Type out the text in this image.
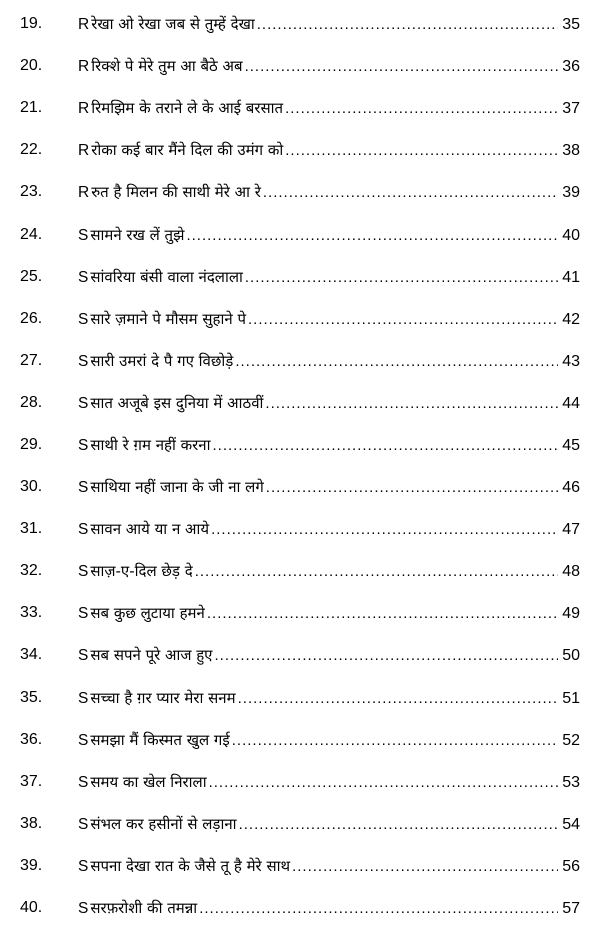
19.	R रेखा ओ रेखा जब से तुम्हें देखा .....	35
20.	R रिक्शे पे मेरे तुम आ बैठे अब .....	36
21.	R रिमझिम के तराने ले के आई बरसात .....	37
22.	R रोका कई बार मैंने दिल की उमंग को .....	38
23.	R रुत है मिलन की साथी मेरे आ रे .....	39
24.	S सामने रख लें तुझे .....	40
25.	S सांवरिया बंसी वाला नंदलाला .....	41
26.	S सारे ज़माने पे मौसम सुहाने पे .....	42
27.	S सारी उमरां दे पै गए विछोड़े .....	43
28.	S सात अजूबे इस दुनिया में आठवीं .....	44
29.	S साथी रे ग़म नहीं करना .....	45
30.	S साथिया नहीं जाना के जी ना लगे .....	46
31.	S सावन आये या न आये .....	47
32.	S साज़-ए-दिल छेड़ दे .....	48
33.	S सब कुछ लुटाया हमने .....	49
34.	S सब सपने पूरे आज हुए .....	50
35.	S सच्चा है ग़र प्यार मेरा सनम .....	51
36.	S समझा मैं किस्मत खुल गई .....	52
37.	S समय का खेल निराला .....	53
38.	S संभल कर हसीनों से लड़ाना .....	54
39.	S सपना देखा रात के जैसे तू है मेरे साथ .....	56
40.	S सरफ़रोशी की तमन्ना .....	57
